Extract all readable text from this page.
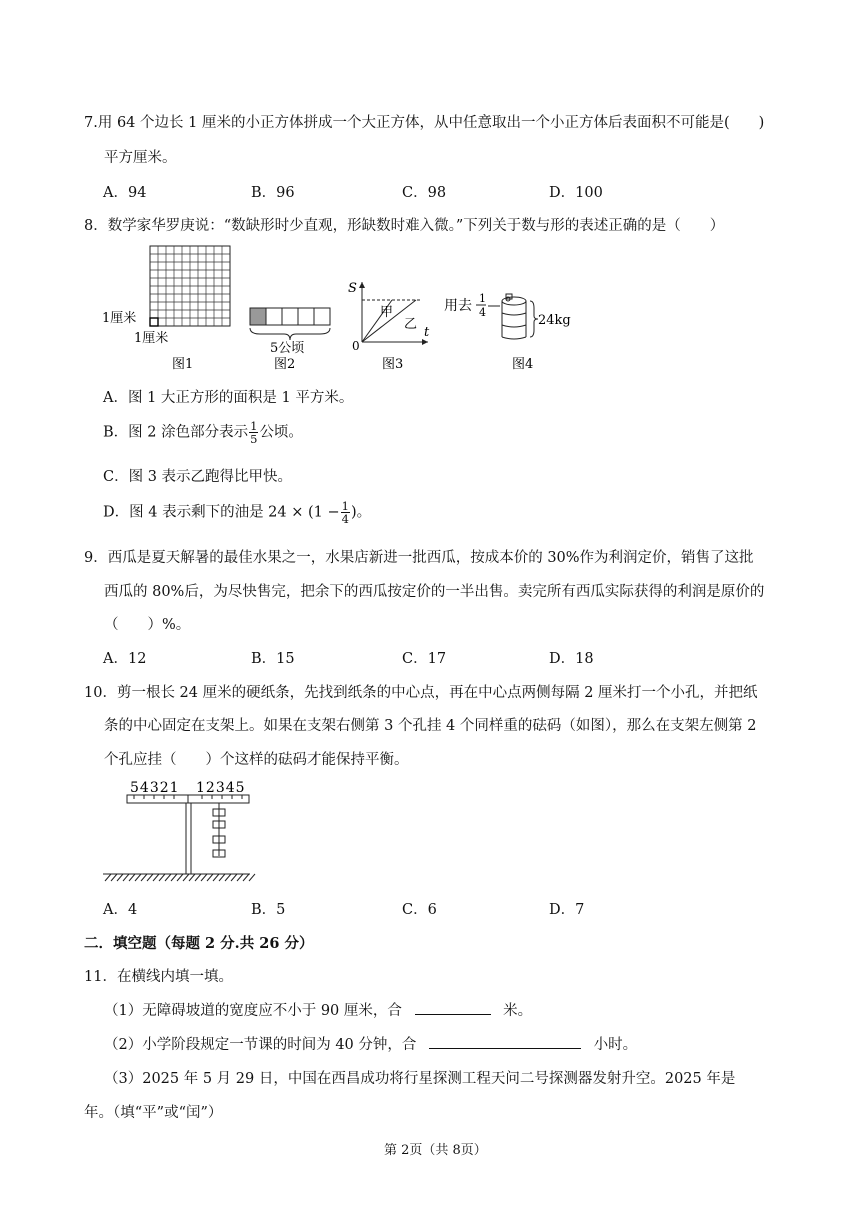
7.用 64 个边长 1 厘米的小正方体拼成一个大正方体，从中任意取出一个小正方体后表面积不可能是(　　)
平方厘米。
A．94	B．96	C．98	D．100
8．数学家华罗庚说：“数缺形时少直观，形缺数时难入微。”下列关于数与形的表述正确的是（　　）
1厘米
1厘米
图1
5公顷
图2
S
t
0
甲
乙
图3
用去 1
4
24kg
图4
A．图 1 大正方形的面积是 1 平方米。
B．图 2 涂色部分表示 $\frac{1}{5}$ 公顷。
C．图 3 表示乙跑得比甲快。
D．图 4 表示剩下的油是 $24 \times (1 - \frac{1}{4}$ )。
9．西瓜是夏天解暑的最佳水果之一，水果店新进一批西瓜，按成本价的 30%作为利润定价，销售了这批
西瓜的 80%后，为尽快售完，把余下的西瓜按定价的一半出售。卖完所有西瓜实际获得的利润是原价的
（　　）%。
A．12	B．15	C．17	D．18
10．剪一根长 24 厘米的硬纸条，先找到纸条的中心点，再在中心点两侧每隔 2 厘米打一个小孔，并把纸
条的中心固定在支架上。如果在支架右侧第 3 个孔挂 4 个同样重的砝码（如图），那么在支架左侧第 2
个孔应挂（　　）个这样的砝码才能保持平衡。
54321 12345
A．4	B．5	C．6	D．7
二．填空题（每题 2 分.共 26 分）
11．在横线内填一填。
（1）无障碍坡道的宽度应不小于 90 厘米，合	米。
（2）小学阶段规定一节课的时间为 40 分钟，合	小时。
（3）2025 年 5 月 29 日，中国在西昌成功将行星探测工程天问二号探测器发射升空。2025 年是
年。（填“平”或“闰”）
第 2页（共 8页）
